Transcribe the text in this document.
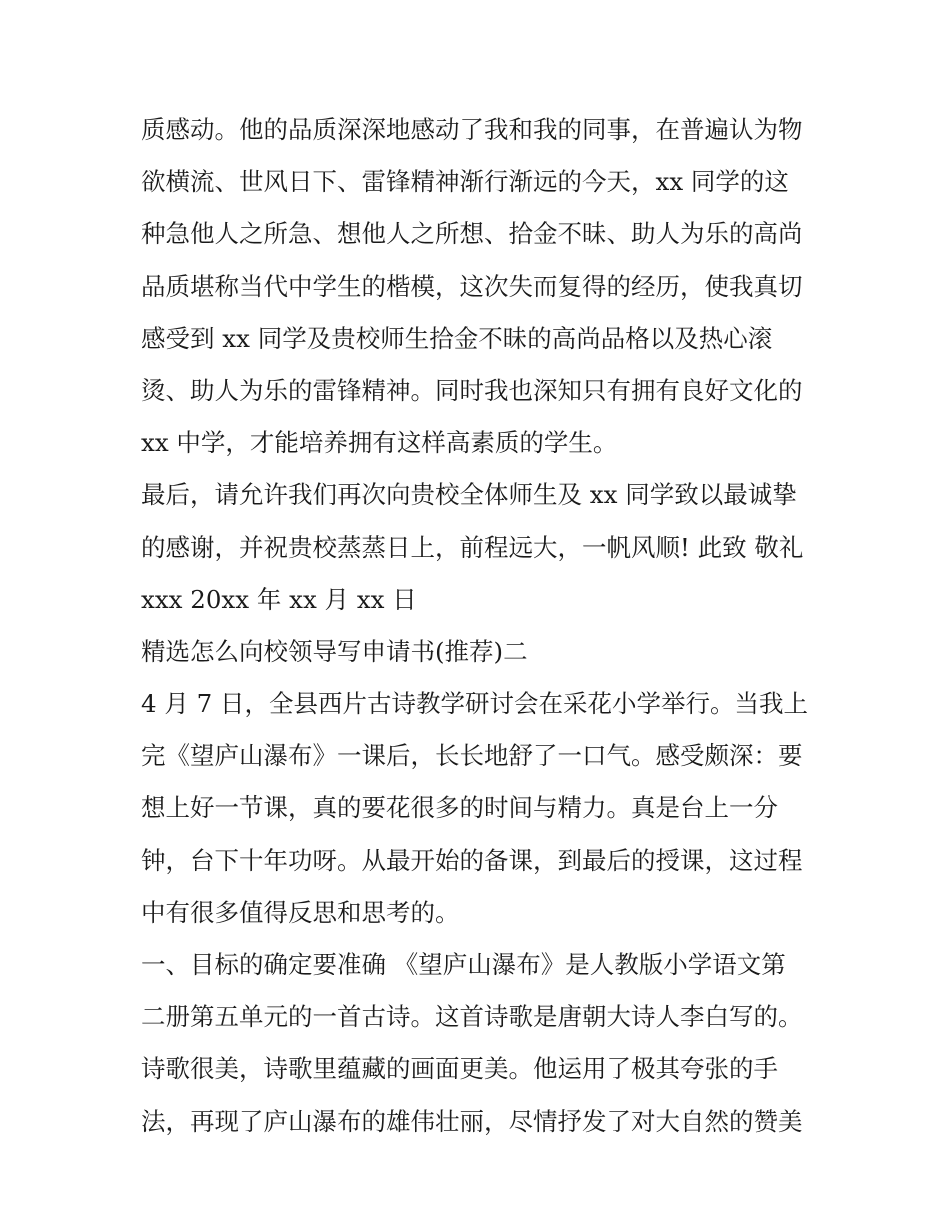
质感动。他的品质深深地感动了我和我的同事，在普遍认为物
欲横流、世风日下、雷锋精神渐行渐远的今天，xx 同学的这
种急他人之所急、想他人之所想、拾金不昧、助人为乐的高尚
品质堪称当代中学生的楷模，这次失而复得的经历，使我真切
感受到 xx 同学及贵校师生拾金不昧的高尚品格以及热心滚
烫、助人为乐的雷锋精神。同时我也深知只有拥有良好文化的
xx 中学，才能培养拥有这样高素质的学生。
最后，请允许我们再次向贵校全体师生及 xx 同学致以最诚挚
的感谢，并祝贵校蒸蒸日上，前程远大，一帆风顺! 此致 敬礼
xxx 20xx 年 xx 月 xx 日
精选怎么向校领导写申请书(推荐)二
4 月 7 日，全县西片古诗教学研讨会在采花小学举行。当我上
完《望庐山瀑布》一课后，长长地舒了一口气。感受颇深：要
想上好一节课，真的要花很多的时间与精力。真是台上一分
钟，台下十年功呀。从最开始的备课，到最后的授课，这过程
中有很多值得反思和思考的。
一、目标的确定要准确 《望庐山瀑布》是人教版小学语文第
二册第五单元的一首古诗。这首诗歌是唐朝大诗人李白写的。
诗歌很美，诗歌里蕴藏的画面更美。他运用了极其夸张的手
法，再现了庐山瀑布的雄伟壮丽，尽情抒发了对大自然的赞美
